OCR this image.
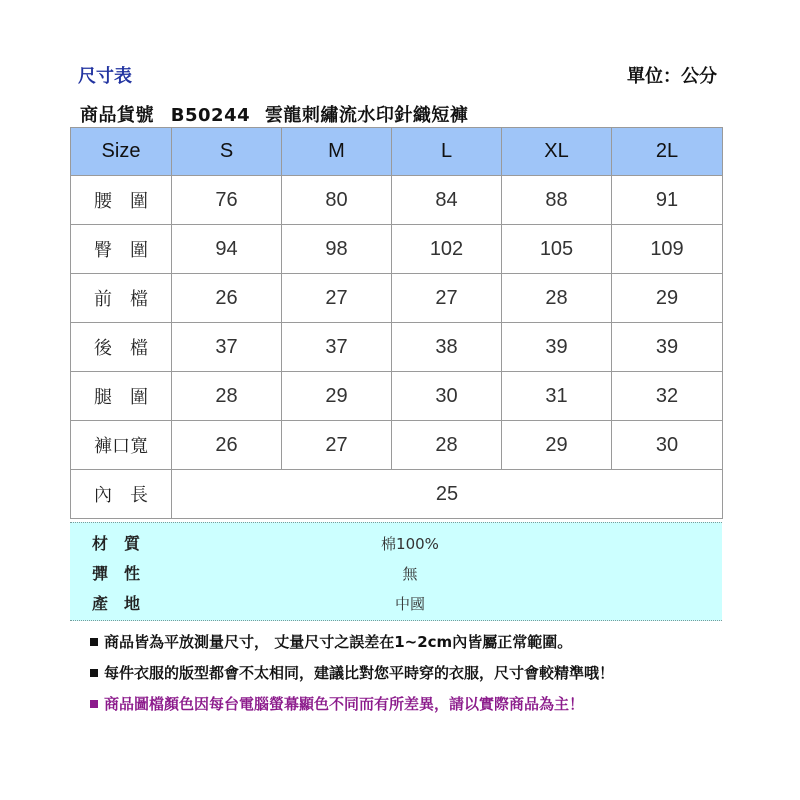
尺寸表	單位：公分
商品貨號 B50244 雲龍刺繡流水印針織短褲
Size	S	M	L	XL	2L
腰　圍	76	80	84	88	91
臀　圍	94	98	102	105	109
前　檔	26	27	27	28	29
後　檔	37	37	38	39	39
腿　圍	28	29	30	31	32
褲口寬	26	27	28	29	30
內　長	25				
材　質	棉100%
彈　性	無
產　地	中國
商品皆為平放測量尺寸， 丈量尺寸之誤差在1~2cm內皆屬正常範圍。
每件衣服的版型都會不太相同，建議比對您平時穿的衣服，尺寸會較精準哦！
商品圖檔顏色因每台電腦螢幕顯色不同而有所差異，請以實際商品為主！
